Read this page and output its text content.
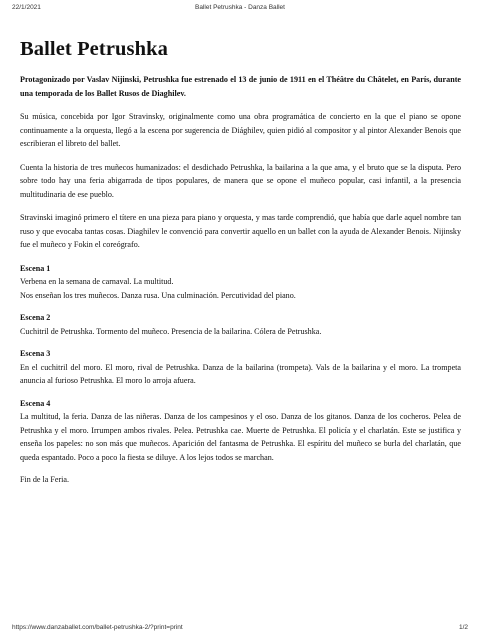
22/1/2021	Ballet Petrushka - Danza Ballet
Ballet Petrushka

Protagonizado por Vaslav Nijinski, Petrushka fue estrenado el 13 de junio de 1911 en el Théâtre du Châtelet, en París, durante una temporada de los Ballet Rusos de Diaghilev.

Su música, concebida por Igor Stravinsky, originalmente como una obra programática de concierto en la que el piano se opone continuamente a la orquesta, llegó a la escena por sugerencia de Diághilev, quien pidió al compositor y al pintor Alexander Benois que escribieran el libreto del ballet.

Cuenta la historia de tres muñecos humanizados: el desdichado Petrushka, la bailarina a la que ama, y el bruto que se la disputa. Pero sobre todo hay una feria abigarrada de tipos populares, de manera que se opone el muñeco popular, casi infantil, a la presencia multitudinaria de ese pueblo.

Stravinski imaginó primero el títere en una pieza para piano y orquesta, y mas tarde comprendió, que había que darle aquel nombre tan ruso y que evocaba tantas cosas. Diaghilev le convenció para convertir aquello en un ballet con la ayuda de Alexander Benois. Nijinsky fue el muñeco y Fokin el coreógrafo.

Escena 1
Verbena en la semana de carnaval. La multitud.
Nos enseñan los tres muñecos. Danza rusa. Una culminación. Percutividad del piano.
Escena 2
Cuchitril de Petrushka. Tormento del muñeco. Presencia de la bailarina. Cólera de Petrushka.
Escena 3
En el cuchitril del moro. El moro, rival de Petrushka. Danza de la bailarina (trompeta). Vals de la bailarina y el moro. La trompeta anuncia al furioso Petrushka. El moro lo arroja afuera.
Escena 4
La multitud, la feria. Danza de las niñeras. Danza de los campesinos y el oso. Danza de los gitanos. Danza de los cocheros. Pelea de Petrushka y el moro. Irrumpen ambos rivales. Pelea. Petrushka cae. Muerte de Petrushka. El policía y el charlatán. Este se justifica y enseña los papeles: no son más que muñecos. Aparición del fantasma de Petrushka. El espíritu del muñeco se burla del charlatán, que queda espantado. Poco a poco la fiesta se diluye. A los lejos todos se marchan.

Fin de la Feria.

https://www.danzaballet.com/ballet-petrushka-2/?print=print	1/2
